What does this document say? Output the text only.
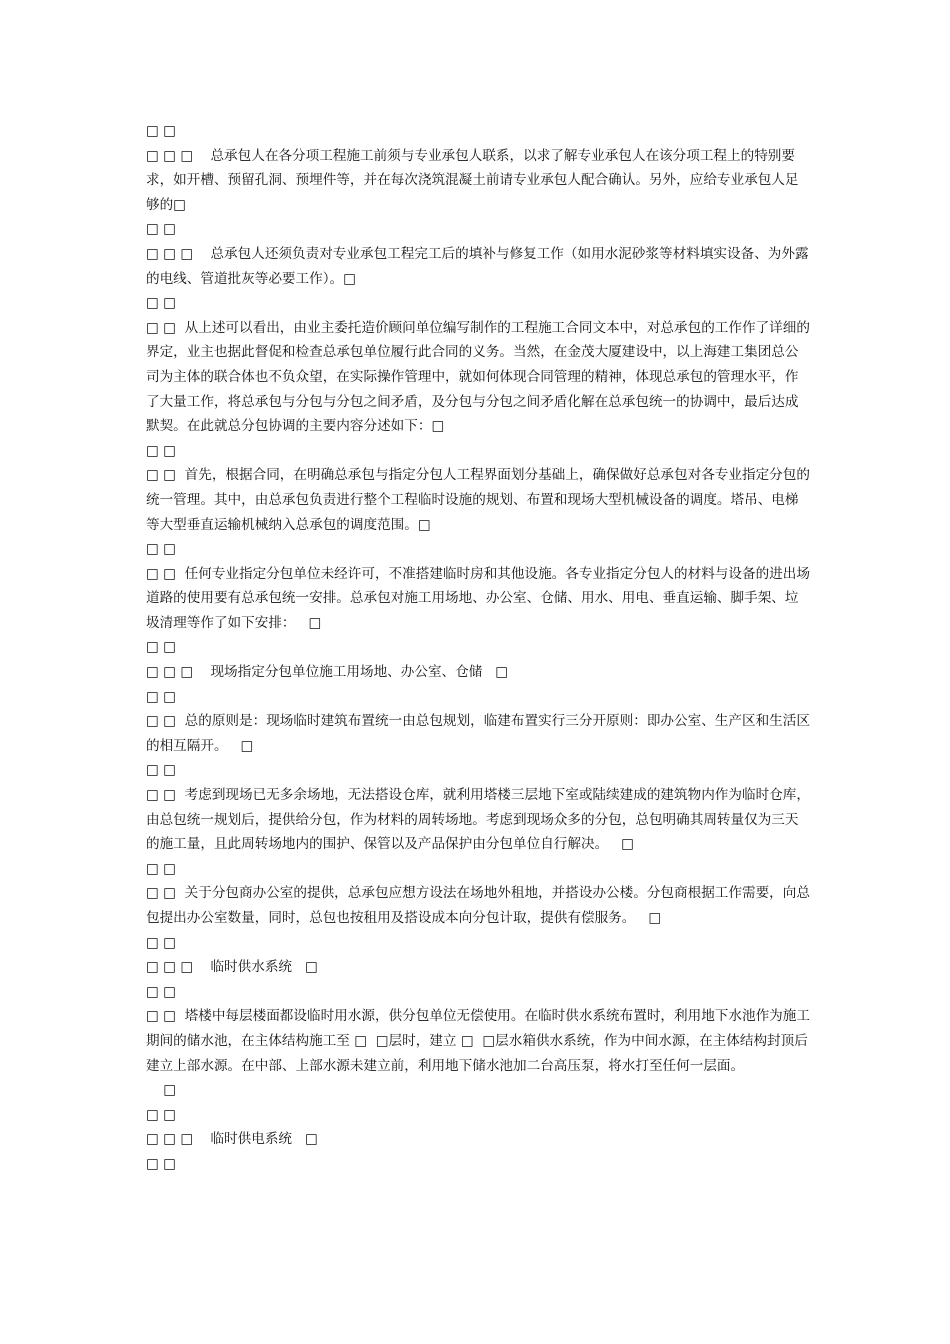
□ □

□ □ □    总承包人在各分项工程施工前须与专业承包人联系，以求了解专业承包人在该分项工程上的特别要求，如开槽、预留孔洞、预埋件等，并在每次浇筑混凝土前请专业承包人配合确认。另外，应给专业承包人足够的□

□ □

□ □ □    总承包人还须负责对专业承包工程完工后的填补与修复工作（如用水泥砂浆等材料填实设备、为外露的电线、管道批灰等必要工作）。□

□ □

□ □  从上述可以看出，由业主委托造价顾问单位编写制作的工程施工合同文本中，对总承包的工作作了详细的界定，业主也据此督促和检查总承包单位履行此合同的义务。当然，在金茂大厦建设中，以上海建工集团总公司为主体的联合体也不负众望，在实际操作管理中，就如何体现合同管理的精神，体现总承包的管理水平，作了大量工作，将总承包与分包与分包之间矛盾，及分包与分包之间矛盾化解在总承包统一的协调中，最后达成默契。在此就总分包协调的主要内容分述如下：□

□ □

□ □  首先，根据合同，在明确总承包与指定分包人工程界面划分基础上，确保做好总承包对各专业指定分包的统一管理。其中，由总承包负责进行整个工程临时设施的规划、布置和现场大型机械设备的调度。塔吊、电梯等大型垂直运输机械纳入总承包的调度范围。□

□ □

□ □  任何专业指定分包单位未经许可，不准搭建临时房和其他设施。各专业指定分包人的材料与设备的进出场道路的使用要有总承包统一安排。总承包对施工用场地、办公室、仓储、用水、用电、垂直运输、脚手架、垃圾清理等作了如下安排：   □

□ □

□ □ □    现场指定分包单位施工用场地、办公室、仓储   □

□ □

□ □  总的原则是：现场临时建筑布置统一由总包规划，临建布置实行三分开原则：即办公室、生产区和生活区的相互隔开。   □

□ □

□ □  考虑到现场已无多余场地，无法搭设仓库，就利用塔楼三层地下室或陆续建成的建筑物内作为临时仓库，由总包统一规划后，提供给分包，作为材料的周转场地。考虑到现场众多的分包，总包明确其周转量仅为三天的施工量，且此周转场地内的围护、保管以及产品保护由分包单位自行解决。   □

□ □

□ □  关于分包商办公室的提供，总承包应想方设法在场地外租地，并搭设办公楼。分包商根据工作需要，向总包提出办公室数量，同时，总包也按租用及搭设成本向分包计取，提供有偿服务。   □

□ □

□ □ □    临时供水系统   □

□ □

□ □  塔楼中每层楼面都设临时用水源，供分包单位无偿使用。在临时供水系统布置时，利用地下水池作为施工期间的储水池，在主体结构施工至 □  □层时，建立 □  □层水箱供水系统，作为中间水源，在主体结构封顶后建立上部水源。在中部、上部水源未建立前，利用地下储水池加二台高压泵，将水打至任何一层面。

□

□ □

□ □ □    临时供电系统   □

□ □
